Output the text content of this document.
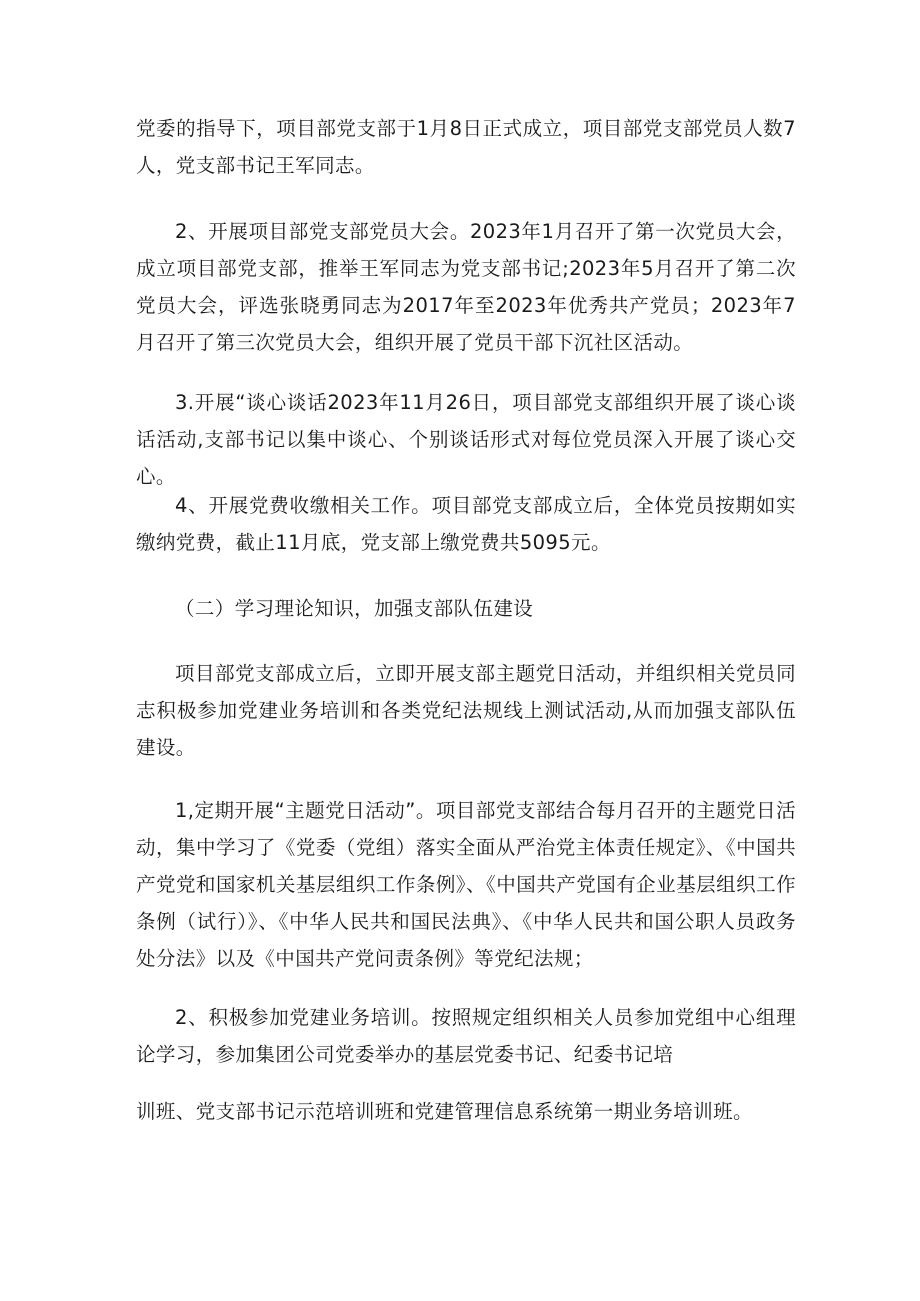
党委的指导下，项目部党支部于1月8日正式成立，项目部党支部党员人数7人，党支部书记王军同志。

2、开展项目部党支部党员大会。2023年1月召开了第一次党员大会，成立项目部党支部，推举王军同志为党支部书记;2023年5月召开了第二次党员大会，评选张晓勇同志为2017年至2023年优秀共产党员；2023年7月召开了第三次党员大会，组织开展了党员干部下沉社区活动。

3.开展“谈心谈话2023年11月26日，项目部党支部组织开展了谈心谈话活动,支部书记以集中谈心、个别谈话形式对每位党员深入开展了谈心交心。

4、开展党费收缴相关工作。项目部党支部成立后，全体党员按期如实缴纳党费，截止11月底，党支部上缴党费共5095元。

（二）学习理论知识，加强支部队伍建设

项目部党支部成立后，立即开展支部主题党日活动，并组织相关党员同志积极参加党建业务培训和各类党纪法规线上测试活动,从而加强支部队伍建设。

1,定期开展“主题党日活动”。项目部党支部结合每月召开的主题党日活动，集中学习了《党委（党组）落实全面从严治党主体责任规定》、《中国共产党党和国家机关基层组织工作条例》、《中国共产党国有企业基层组织工作条例（试行）》、《中华人民共和国民法典》、《中华人民共和国公职人员政务处分法》以及《中国共产党问责条例》等党纪法规；

2、积极参加党建业务培训。按照规定组织相关人员参加党组中心组理论学习，参加集团公司党委举办的基层党委书记、纪委书记培

训班、党支部书记示范培训班和党建管理信息系统第一期业务培训班。
